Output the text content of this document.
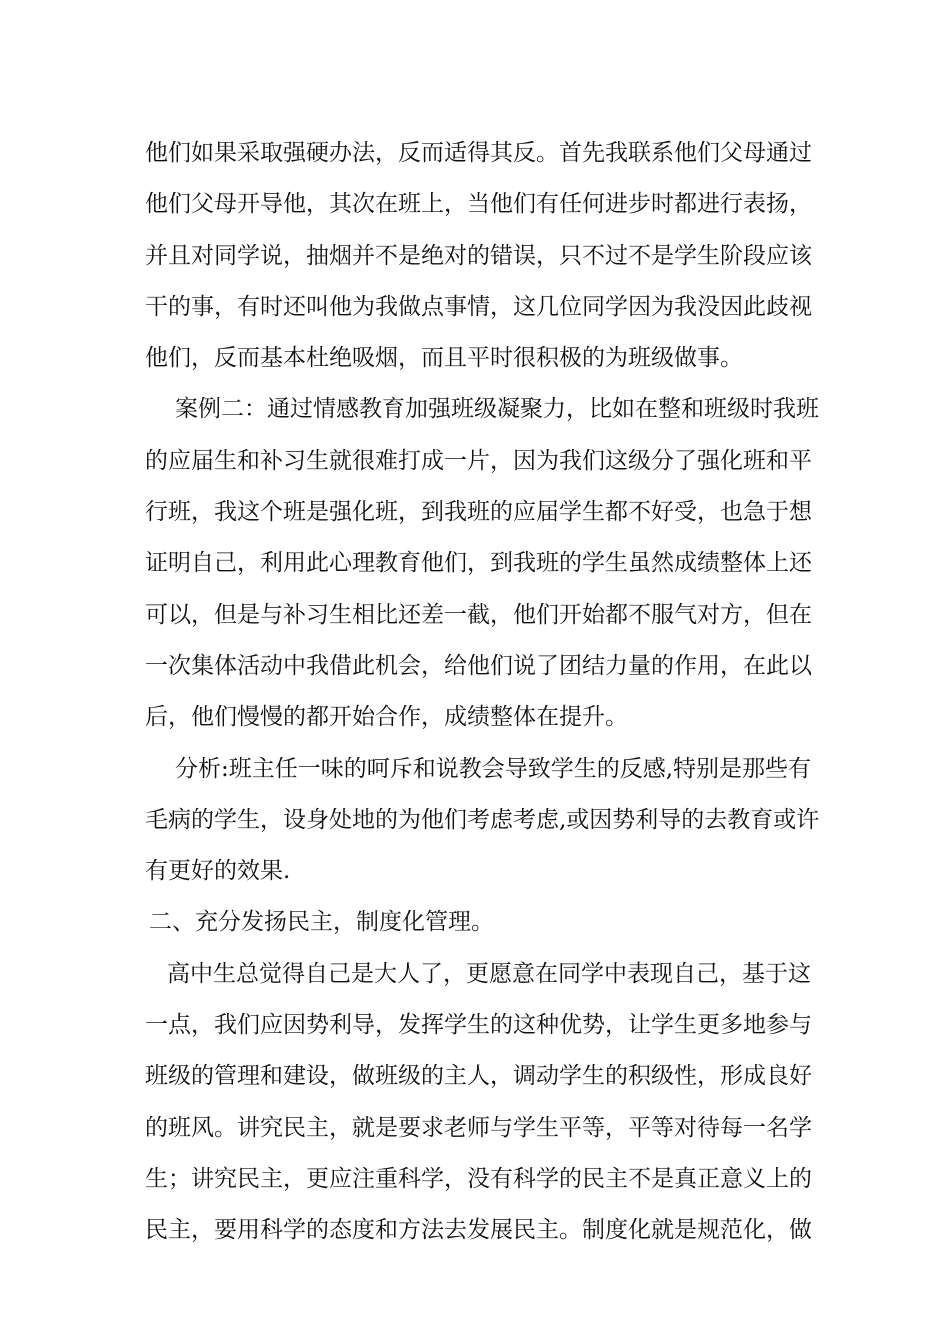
他们如果采取强硬办法，反而适得其反。首先我联系他们父母通过
他们父母开导他，其次在班上，当他们有任何进步时都进行表扬，
并且对同学说，抽烟并不是绝对的错误，只不过不是学生阶段应该
干的事，有时还叫他为我做点事情，这几位同学因为我没因此歧视
他们，反而基本杜绝吸烟，而且平时很积极的为班级做事。
案例二：通过情感教育加强班级凝聚力，比如在整和班级时我班
的应届生和补习生就很难打成一片，因为我们这级分了强化班和平
行班，我这个班是强化班，到我班的应届学生都不好受，也急于想
证明自己，利用此心理教育他们，到我班的学生虽然成绩整体上还
可以，但是与补习生相比还差一截，他们开始都不服气对方，但在
一次集体活动中我借此机会，给他们说了团结力量的作用，在此以
后，他们慢慢的都开始合作，成绩整体在提升。
分析:班主任一味的呵斥和说教会导致学生的反感,特别是那些有
毛病的学生，设身处地的为他们考虑考虑,或因势利导的去教育或许
有更好的效果.
二、充分发扬民主，制度化管理。
高中生总觉得自己是大人了，更愿意在同学中表现自己，基于这
一点，我们应因势利导，发挥学生的这种优势，让学生更多地参与
班级的管理和建设，做班级的主人，调动学生的积级性，形成良好
的班风。讲究民主，就是要求老师与学生平等，平等对待每一名学
生；讲究民主，更应注重科学，没有科学的民主不是真正意义上的
民主，要用科学的态度和方法去发展民主。制度化就是规范化，做
